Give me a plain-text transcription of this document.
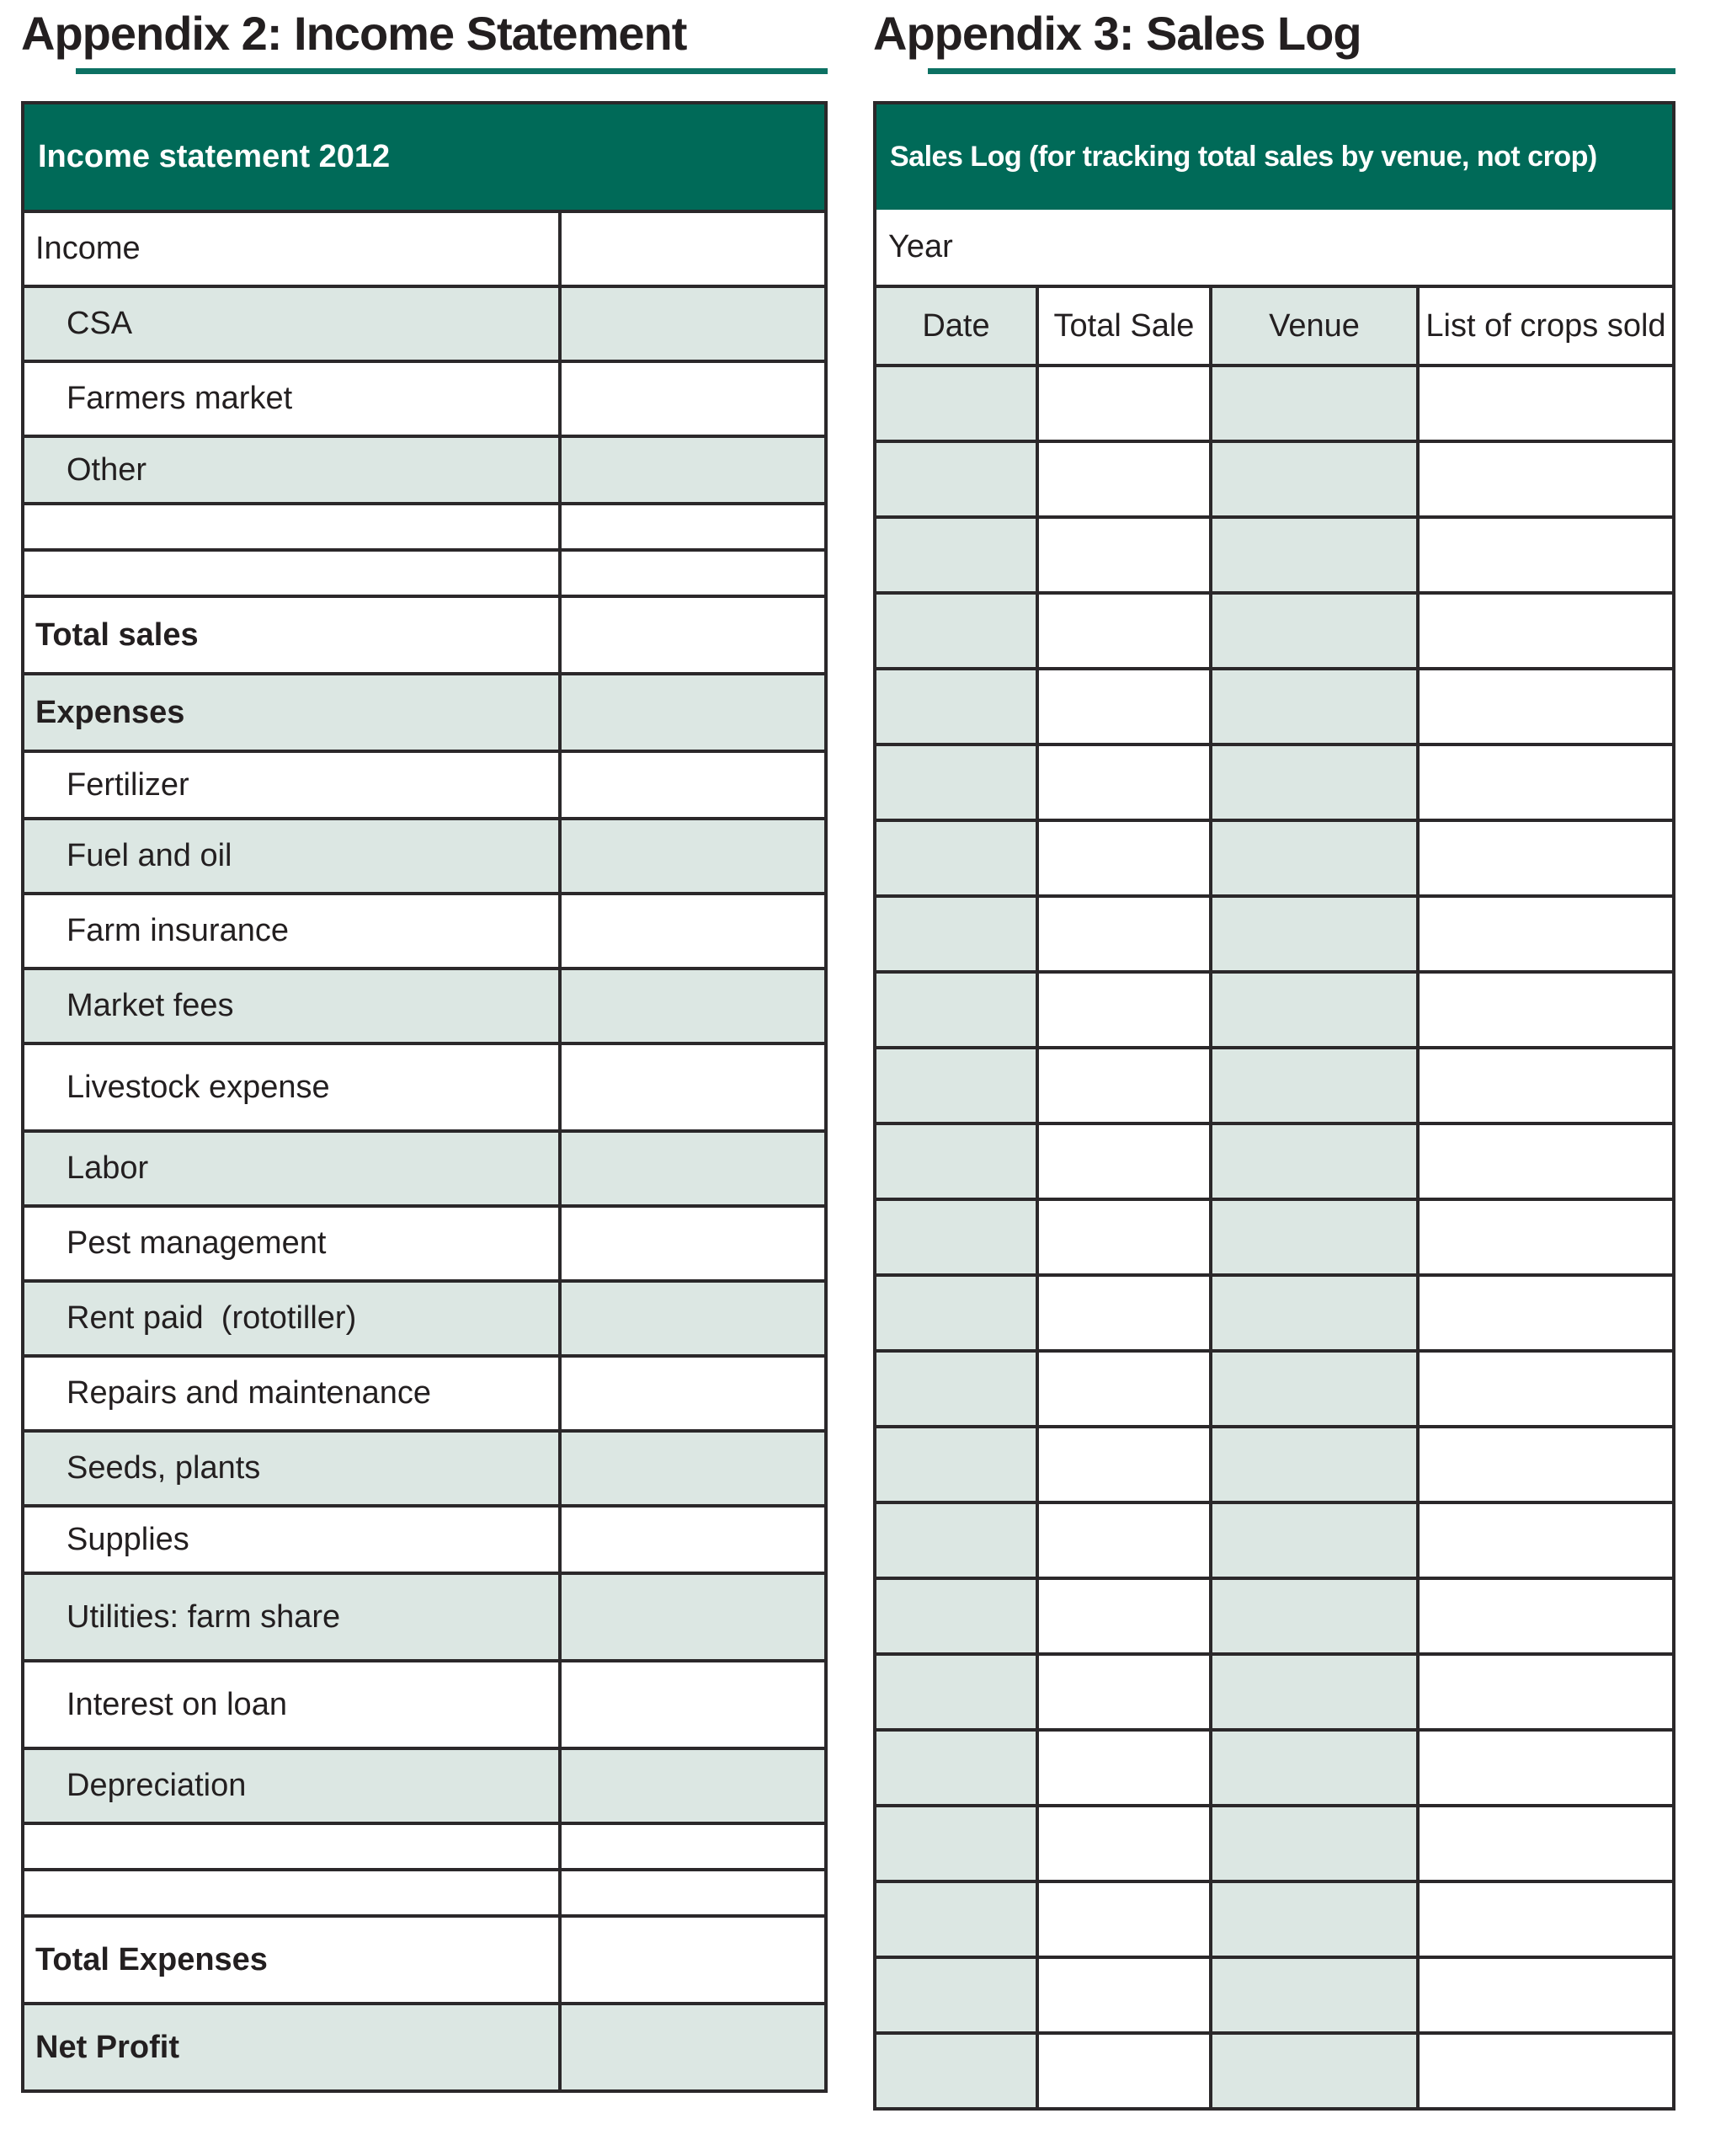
Appendix 2: Income Statement
Income statement 2012
Income
CSA
Farmers market
Other
Total sales
Expenses
Fertilizer
Fuel and oil
Farm insurance
Market fees
Livestock expense
Labor
Pest management
Rent paid  (rototiller)
Repairs and maintenance
Seeds, plants
Supplies
Utilities: farm share
Interest on loan
Depreciation
Total Expenses
Net Profit
Appendix 3: Sales Log
Sales Log (for tracking total sales by venue, not crop)
Year
Date	Total Sale	Venue	List of crops sold
